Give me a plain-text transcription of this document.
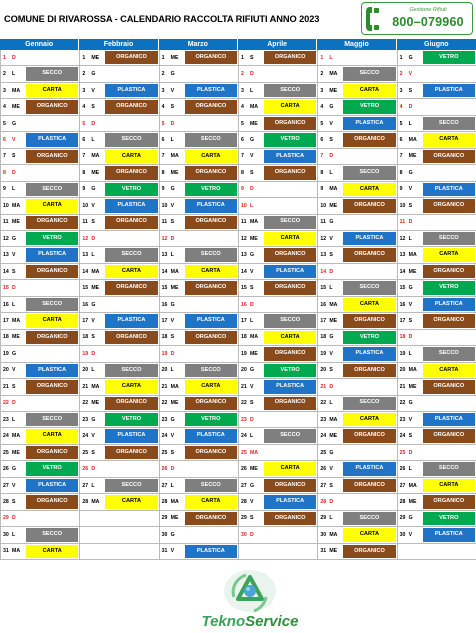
COMUNE DI RIVAROSSA - CALENDARIO RACCOLTA RIFIUTI ANNO 2023
Gestione Rifiuti
800–079960
Gennaio	Febbraio	Marzo	Aprile	Maggio	Giugno
1	D
2	L	SECCO
3	MA	CARTA
4	ME	ORGANICO
5	G
6	V	PLASTICA
7	S	ORGANICO
8	D
9	L	SECCO
10 MA	CARTA
11 ME	ORGANICO
12 G	VETRO
13 V	PLASTICA
14 S	ORGANICO
15 D
16 L	SECCO
17 MA	CARTA
18 ME	ORGANICO
19 G
20 V	PLASTICA
21 S	ORGANICO
22 D
23 L	SECCO
24 MA	CARTA
25 ME	ORGANICO
26 G	VETRO
27 V	PLASTICA
28 S	ORGANICO
29 D
30 L	SECCO
31 MA	CARTA
1	ME	ORGANICO
2	G
3	V	PLASTICA
4	S	ORGANICO
5	D
6	L	SECCO
7	MA	CARTA
8	ME	ORGANICO
9	G	VETRO
10 V	PLASTICA
11 S	ORGANICO
12 D
13 L	SECCO
14 MA	CARTA
15 ME	ORGANICO
16 G
17 V	PLASTICA
18 S	ORGANICO
19 D
20 L	SECCO
21 MA	CARTA
22 ME	ORGANICO
23 G	VETRO
24 V	PLASTICA
25 S	ORGANICO
26 D
27 L	SECCO
28 MA	CARTA
1	ME	ORGANICO
2	G
3	V	PLASTICA
4	S	ORGANICO
5	D
6	L	SECCO
7	MA	CARTA
8	ME	ORGANICO
9	G	VETRO
10 V	PLASTICA
11 S	ORGANICO
12 D
13 L	SECCO
14 MA	CARTA
15 ME	ORGANICO
16 G
17 V	PLASTICA
18 S	ORGANICO
19 D
20 L	SECCO
21 MA	CARTA
22 ME	ORGANICO
23 G	VETRO
24 V	PLASTICA
25 S	ORGANICO
26 D
27 L	SECCO
28 MA	CARTA
29 ME	ORGANICO
30 G
31 V	PLASTICA
1	S	ORGANICO
2	D
3	L	SECCO
4	MA	CARTA
5	ME	ORGANICO
6	G	VETRO
7	V	PLASTICA
8	S	ORGANICO
9	D
10 L
11 MA	SECCO
12 ME	CARTA
13 G	ORGANICO
14 V	PLASTICA
15 S	ORGANICO
16 D
17 L	SECCO
18 MA	CARTA
19 ME	ORGANICO
20 G	VETRO
21 V	PLASTICA
22 S	ORGANICO
23 D
24 L	SECCO
25 MA
26 ME	CARTA
27 G	ORGANICO
28 V	PLASTICA
29 S	ORGANICO
30 D
1	L
2	MA	SECCO
3	ME	CARTA
4	G	VETRO
5	V	PLASTICA
6	S	ORGANICO
7	D
8	L	SECCO
9	MA	CARTA
10 ME	ORGANICO
11 G
12 V	PLASTICA
13 S	ORGANICO
14 D
15 L	SECCO
16 MA	CARTA
17 ME	ORGANICO
18 G	VETRO
19 V	PLASTICA
20 S	ORGANICO
21 D
22 L	SECCO
23 MA	CARTA
24 ME	ORGANICO
25 G
26 V	PLASTICA
27 S	ORGANICO
28 D
29 L	SECCO
30 MA	CARTA
31 ME	ORGANICO
1	G	VETRO
2	V
3	S	PLASTICA
4	D
5	L	SECCO
6	MA	CARTA
7	ME	ORGANICO
8	G
9	V	PLASTICA
10 S	ORGANICO
11 D
12 L	SECCO
13 MA	CARTA
14 ME	ORGANICO
15 G	VETRO
16 V	PLASTICA
17 S	ORGANICO
18 D
19 L	SECCO
20 MA	CARTA
21 ME	ORGANICO
22 G
23 V	PLASTICA
24 S	ORGANICO
25 D
26 L	SECCO
27 MA	CARTA
28 ME	ORGANICO
29 G	VETRO
30 V	PLASTICA
TeknoService
